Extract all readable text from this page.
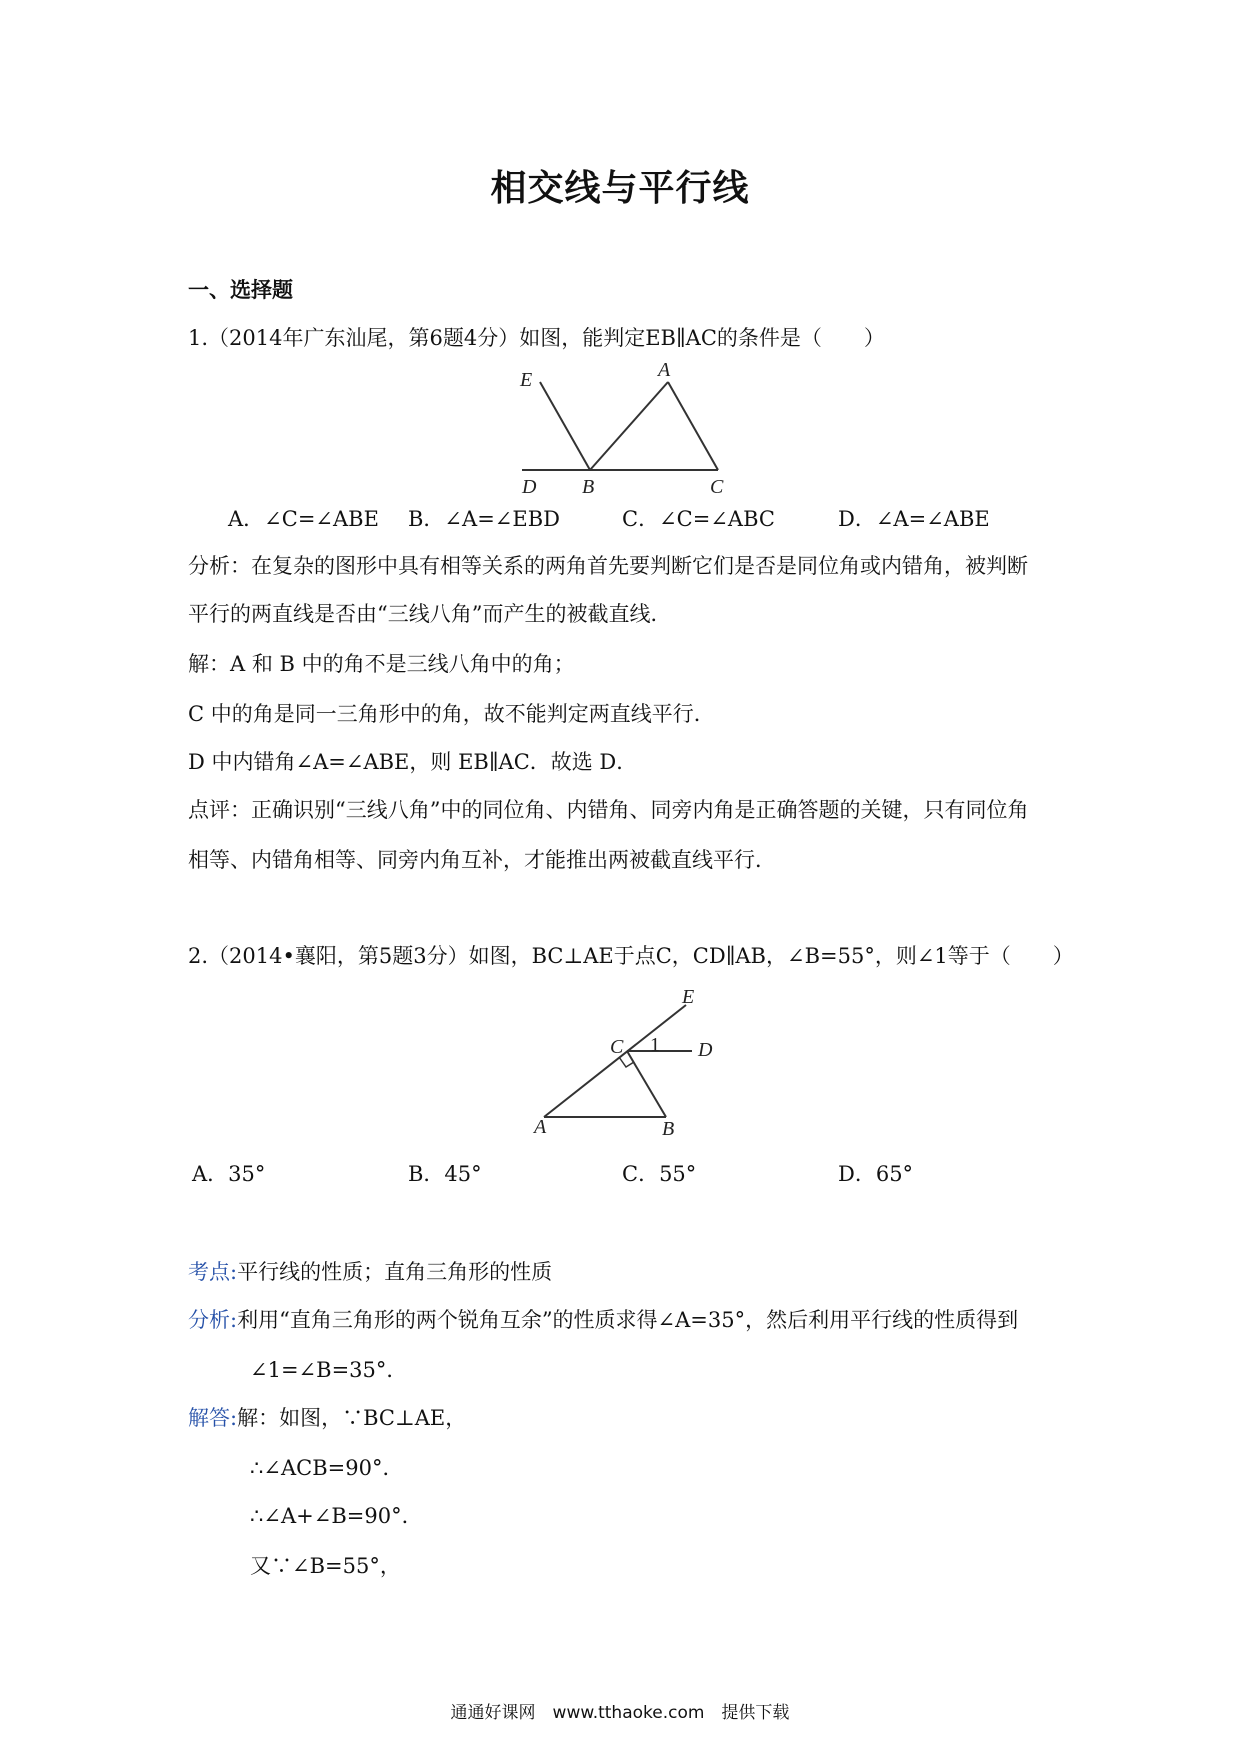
相交线与平行线
一、选择题
1.（2014年广东汕尾，第6题4分）如图，能判定EB∥AC的条件是（　　）
E	A
D B	C
A．∠C=∠ABE B．∠A=∠EBD	C．∠C=∠ABC	D．∠A=∠ABE
分析：在复杂的图形中具有相等关系的两角首先要判断它们是否是同位角或内错角，被判断
平行的两直线是否由“三线八角”而产生的被截直线．
解：A 和 B 中的角不是三线八角中的角；
C 中的角是同一三角形中的角，故不能判定两直线平行．
D 中内错角∠A=∠ABE，则 EB∥AC．故选 D．
点评：正确识别“三线八角”中的同位角、内错角、同旁内角是正确答题的关键，只有同位角
相等、内错角相等、同旁内角互补，才能推出两被截直线平行．
2.（2014•襄阳，第5题3分）如图，BC⊥AE于点C，CD∥AB，∠B=55°，则∠1等于（　　）
E
C 1 D
A	B
A．35°	B．45°	C．55°	D．65°
考点:平行线的性质；直角三角形的性质
分析:利用“直角三角形的两个锐角互余”的性质求得∠A=35°，然后利用平行线的性质得到
∠1=∠B=35°．
解答:解：如图，∵BC⊥AE，
∴∠ACB=90°．
∴∠A+∠B=90°．
又∵∠B=55°，
通通好课网　www.tthaoke.com　提供下载
